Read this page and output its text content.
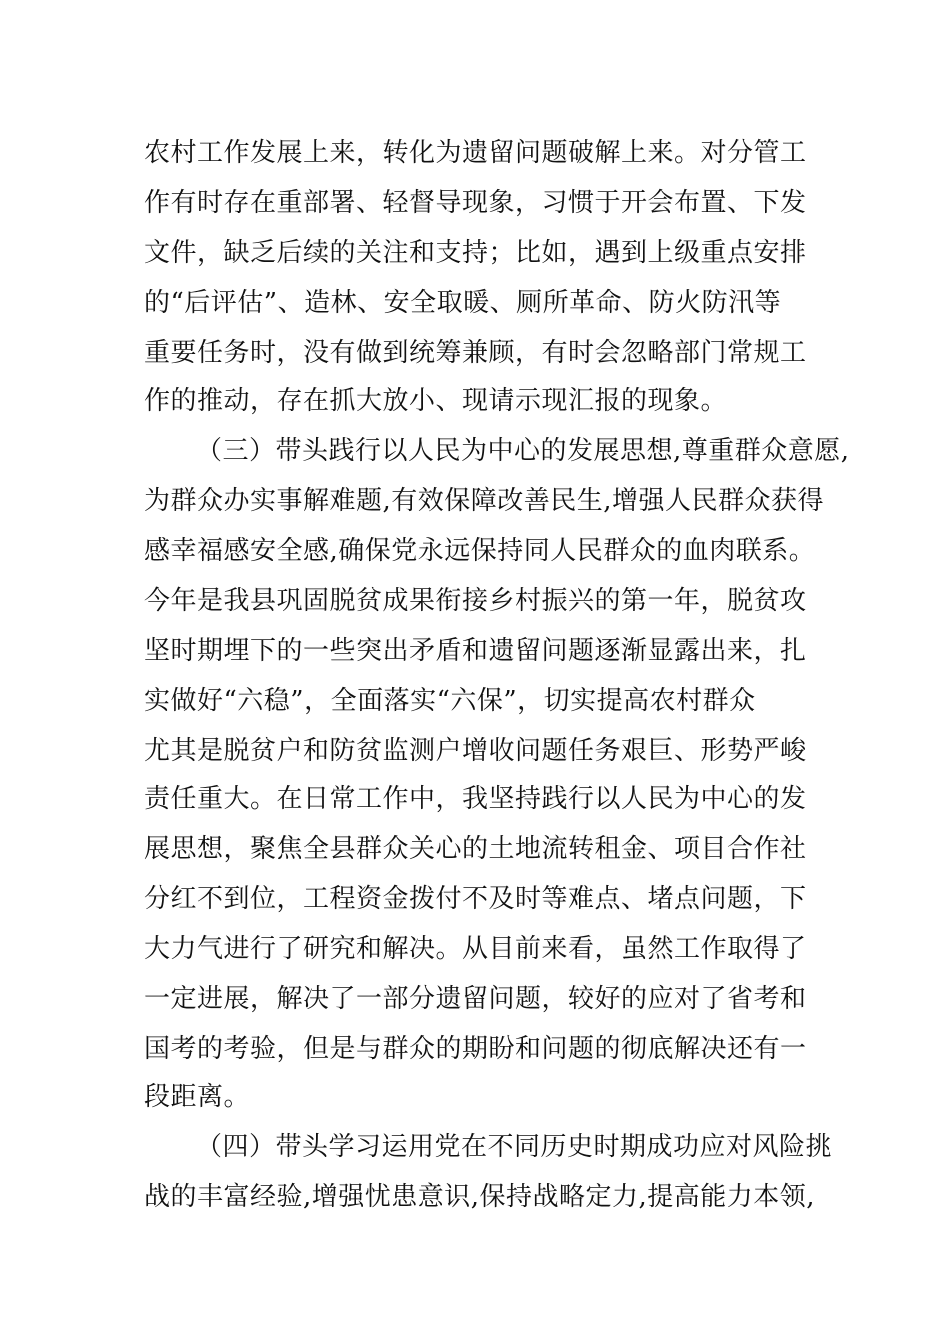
农村工作发展上来，转化为遗留问题破解上来。对分管工
作有时存在重部署、轻督导现象，习惯于开会布置、下发
文件，缺乏后续的关注和支持；比如，遇到上级重点安排
的“后评估”、造林、安全取暖、厕所革命、防火防汛等
重要任务时，没有做到统筹兼顾，有时会忽略部门常规工
作的推动，存在抓大放小、现请示现汇报的现象。
（三）带头践行以人民为中心的发展思想,尊重群众意愿,
为群众办实事解难题,有效保障改善民生,增强人民群众获得
感幸福感安全感,确保党永远保持同人民群众的血肉联系。
今年是我县巩固脱贫成果衔接乡村振兴的第一年，脱贫攻
坚时期埋下的一些突出矛盾和遗留问题逐渐显露出来，扎
实做好“六稳”，全面落实“六保”，切实提高农村群众
尤其是脱贫户和防贫监测户增收问题任务艰巨、形势严峻
责任重大。在日常工作中，我坚持践行以人民为中心的发
展思想，聚焦全县群众关心的土地流转租金、项目合作社
分红不到位，工程资金拨付不及时等难点、堵点问题，下
大力气进行了研究和解决。从目前来看，虽然工作取得了
一定进展，解决了一部分遗留问题，较好的应对了省考和
国考的考验，但是与群众的期盼和问题的彻底解决还有一
段距离。
（四）带头学习运用党在不同历史时期成功应对风险挑
战的丰富经验,增强忧患意识,保持战略定力,提高能力本领,
